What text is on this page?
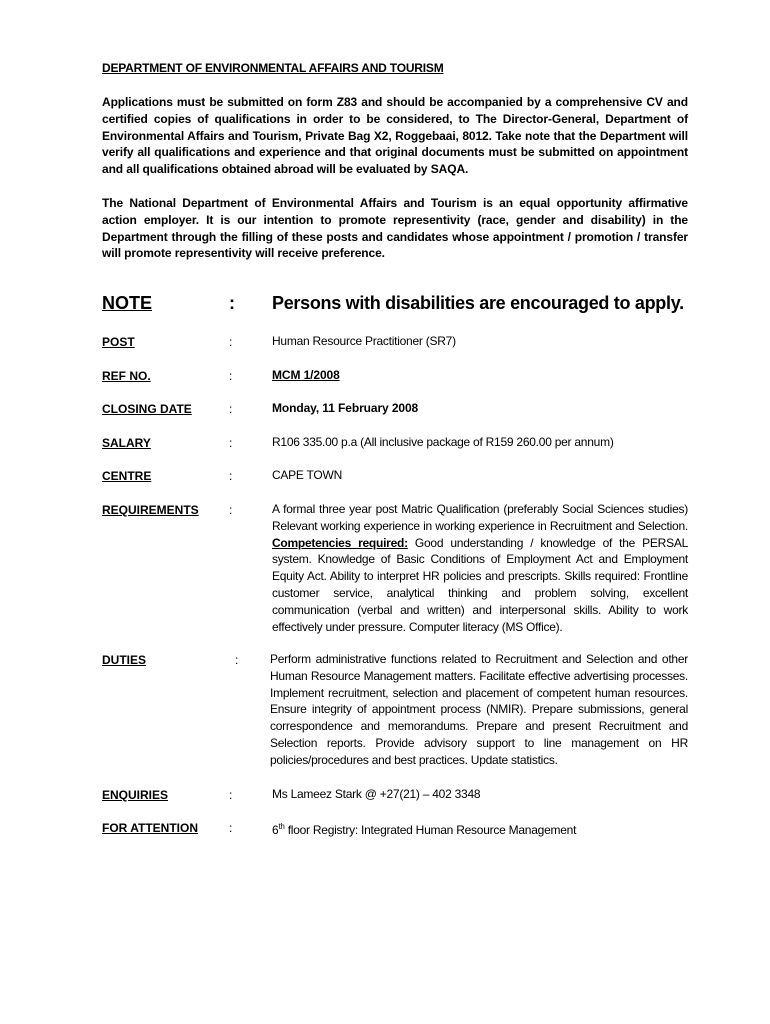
DEPARTMENT OF ENVIRONMENTAL AFFAIRS AND TOURISM
Applications must be submitted on form Z83 and should be accompanied by a comprehensive CV and certified copies of qualifications in order to be considered, to The Director-General, Department of Environmental Affairs and Tourism, Private Bag X2, Roggebaai, 8012. Take note that the Department will verify all qualifications and experience and that original documents must be submitted on appointment and all qualifications obtained abroad will be evaluated by SAQA.
The National Department of Environmental Affairs and Tourism is an equal opportunity affirmative action employer. It is our intention to promote representivity (race, gender and disability) in the Department through the filling of these posts and candidates whose appointment / promotion / transfer will promote representivity will receive preference.
NOTE	: Persons with disabilities are encouraged to apply.
POST	:	Human Resource Practitioner (SR7)
REF NO.	:	MCM 1/2008
CLOSING DATE	:	Monday, 11 February 2008
SALARY	:	R106 335.00 p.a (All inclusive package of R159 260.00 per annum)
CENTRE	:	CAPE TOWN
REQUIREMENTS	:	A formal three year post Matric Qualification (preferably Social Sciences studies) Relevant working experience in working experience in Recruitment and Selection. Competencies required: Good understanding / knowledge of the PERSAL system. Knowledge of Basic Conditions of Employment Act and Employment Equity Act. Ability to interpret HR policies and prescripts. Skills required: Frontline customer service, analytical thinking and problem solving, excellent communication (verbal and written) and interpersonal skills. Ability to work effectively under pressure. Computer literacy (MS Office).
DUTIES	:	Perform administrative functions related to Recruitment and Selection and other Human Resource Management matters. Facilitate effective advertising processes. Implement recruitment, selection and placement of competent human resources. Ensure integrity of appointment process (NMIR). Prepare submissions, general correspondence and memorandums. Prepare and present Recruitment and Selection reports. Provide advisory support to line management on HR policies/procedures and best practices. Update statistics.
ENQUIRIES	:	Ms Lameez Stark @ +27(21) – 402 3348
FOR ATTENTION	:	6th floor Registry: Integrated Human Resource Management
